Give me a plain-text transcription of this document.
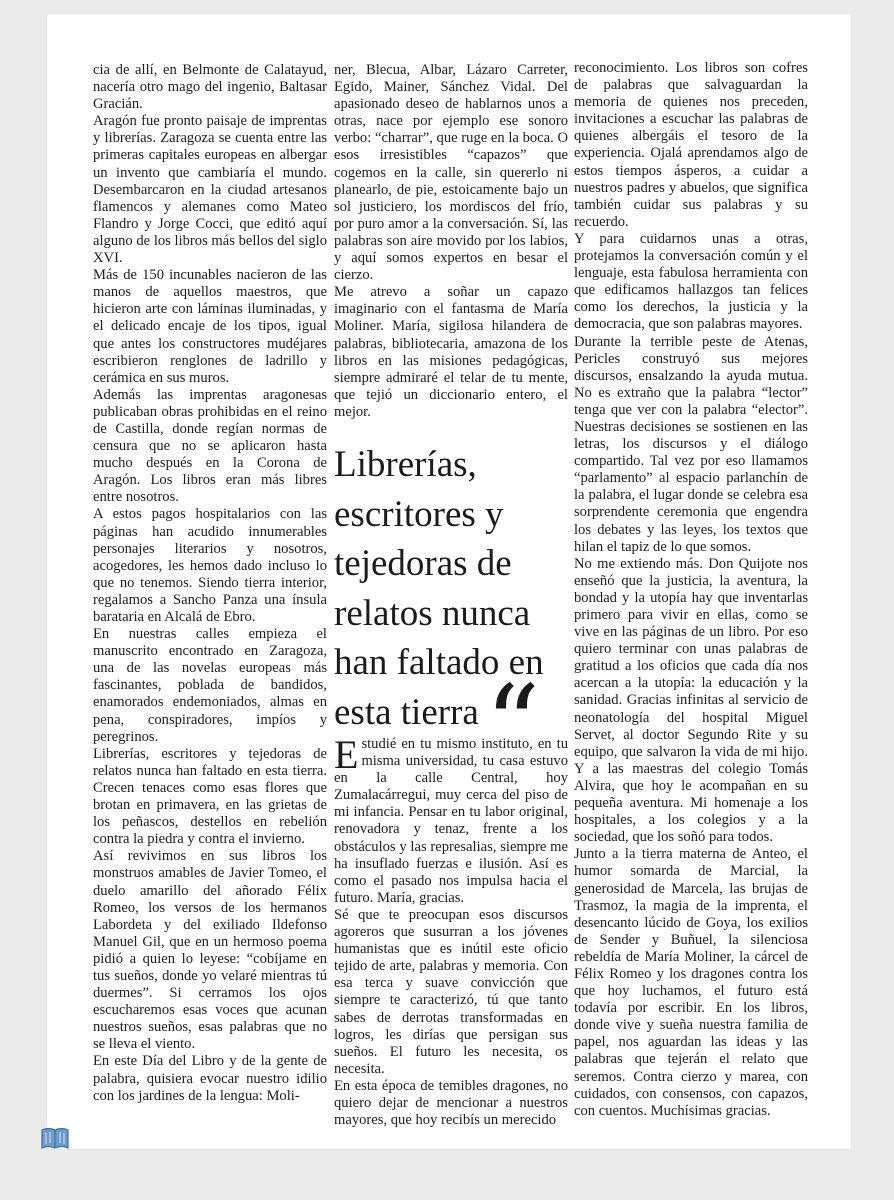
cia de allí, en Belmonte de Calatayud, nacería otro mago del ingenio, Baltasar Gracián.

Aragón fue pronto paisaje de imprentas y librerías. Zaragoza se cuenta entre las primeras capitales europeas en albergar un invento que cambiaría el mundo. Desembarcaron en la ciudad artesanos flamencos y alemanes como Mateo Flandro y Jorge Cocci, que editó aquí alguno de los libros más bellos del siglo XVI.

Más de 150 incunables nacieron de las manos de aquellos maestros, que hicieron arte con láminas iluminadas, y el delicado encaje de los tipos, igual que antes los constructores mudéjares escribieron renglones de ladrillo y cerámica en sus muros.

Además las imprentas aragonesas publicaban obras prohibidas en el reino de Castilla, donde regían normas de censura que no se aplicaron hasta mucho después en la Corona de Aragón. Los libros eran más libres entre nosotros.

A estos pagos hospitalarios con las páginas han acudido innumerables personajes literarios y nosotros, acogedores, les hemos dado incluso lo que no tenemos. Siendo tierra interior, regalamos a Sancho Panza una ínsula barataria en Alcalá de Ebro.

En nuestras calles empieza el manuscrito encontrado en Zaragoza, una de las novelas europeas más fascinantes, poblada de bandidos, enamorados endemoniados, almas en pena, conspiradores, impíos y peregrinos.

Librerías, escritores y tejedoras de relatos nunca han faltado en esta tierra. Crecen tenaces como esas flores que brotan en primavera, en las grietas de los peñascos, destellos en rebelión contra la piedra y contra el invierno.

Así revivimos en sus libros los monstruos amables de Javier Tomeo, el duelo amarillo del añorado Félix Romeo, los versos de los hermanos Labordeta y del exiliado Ildefonso Manuel Gil, que en un hermoso poema pidió a quien lo leyese: “cobíjame en tus sueños, donde yo velaré mientras tú duermes”. Si cerramos los ojos escucharemos esas voces que acunan nuestros sueños, esas palabras que no se lleva el viento.

En este Día del Libro y de la gente de palabra, quisiera evocar nuestro idilio con los jardines de la lengua: Moli-

ner, Blecua, Albar, Lázaro Carreter, Egido, Mainer, Sánchez Vidal. Del apasionado deseo de hablarnos unos a otras, nace por ejemplo ese sonoro verbo: “charrar”, que ruge en la boca. O esos irresistibles “capazos” que cogemos en la calle, sin quererlo ni planearlo, de pie, estoicamente bajo un sol justiciero, los mordiscos del frío, por puro amor a la conversación. Sí, las palabras son aire movido por los labios, y aquí somos expertos en besar el cierzo.

Me atrevo a soñar un capazo imaginario con el fantasma de María Moliner. María, sigilosa hilandera de palabras, bibliotecaria, amazona de los libros en las misiones pedagógicas, siempre admiraré el telar de tu mente, que tejió un diccionario entero, el mejor.

Librerías, escritores y tejedoras de relatos nunca han faltado en esta tierra“

Estudié en tu mismo instituto, en tu misma universidad, tu casa estuvo en la calle Central, hoy Zumalacárregui, muy cerca del piso de mi infancia. Pensar en tu labor original, renovadora y tenaz, frente a los obstáculos y las represalias, siempre me ha insuflado fuerzas e ilusión. Así es como el pasado nos impulsa hacia el futuro. María, gracias.

Sé que te preocupan esos discursos agoreros que susurran a los jóvenes humanistas que es inútil este oficio tejido de arte, palabras y memoria. Con esa terca y suave convicción que siempre te caracterizó, tú que tanto sabes de derrotas transformadas en logros, les dirías que persigan sus sueños. El futuro les necesita, os necesita.

En esta época de temibles dragones, no quiero dejar de mencionar a nuestros mayores, que hoy recibís un merecido

reconocimiento. Los libros son cofres de palabras que salvaguardan la memoria de quienes nos preceden, invitaciones a escuchar las palabras de quienes albergáis el tesoro de la experiencia. Ojalá aprendamos algo de estos tiempos ásperos, a cuidar a nuestros padres y abuelos, que significa también cuidar sus palabras y su recuerdo.

Y para cuidarnos unas a otras, protejamos la conversación común y el lenguaje, esta fabulosa herramienta con que edificamos hallazgos tan felices como los derechos, la justicia y la democracia, que son palabras mayores.

Durante la terrible peste de Atenas, Pericles construyó sus mejores discursos, ensalzando la ayuda mutua. No es extraño que la palabra “lector” tenga que ver con la palabra “elector”. Nuestras decisiones se sostienen en las letras, los discursos y el diálogo compartido. Tal vez por eso llamamos “parlamento” al espacio parlanchín de la palabra, el lugar donde se celebra esa sorprendente ceremonia que engendra los debates y las leyes, los textos que hilan el tapiz de lo que somos.

No me extiendo más. Don Quijote nos enseñó que la justicia, la aventura, la bondad y la utopía hay que inventarlas primero para vivir en ellas, como se vive en las páginas de un libro. Por eso quiero terminar con unas palabras de gratitud a los oficios que cada día nos acercan a la utopía: la educación y la sanidad. Gracias infinitas al servicio de neonatología del hospital Miguel Servet, al doctor Segundo Rite y su equipo, que salvaron la vida de mi hijo. Y a las maestras del colegio Tomás Alvira, que hoy le acompañan en su pequeña aventura. Mi homenaje a los hospitales, a los colegios y a la sociedad, que los soñó para todos.

Junto a la tierra materna de Anteo, el humor somarda de Marcial, la generosidad de Marcela, las brujas de Trasmoz, la magia de la imprenta, el desencanto lúcido de Goya, los exilios de Sender y Buñuel, la silenciosa rebeldía de María Moliner, la cárcel de Félix Romeo y los dragones contra los que hoy luchamos, el futuro está todavía por escribir. En los libros, donde vive y sueña nuestra familia de papel, nos aguardan las ideas y las palabras que tejerán el relato que seremos. Contra cierzo y marea, con cuidados, con consensos, con capazos, con cuentos. Muchísimas gracias.
